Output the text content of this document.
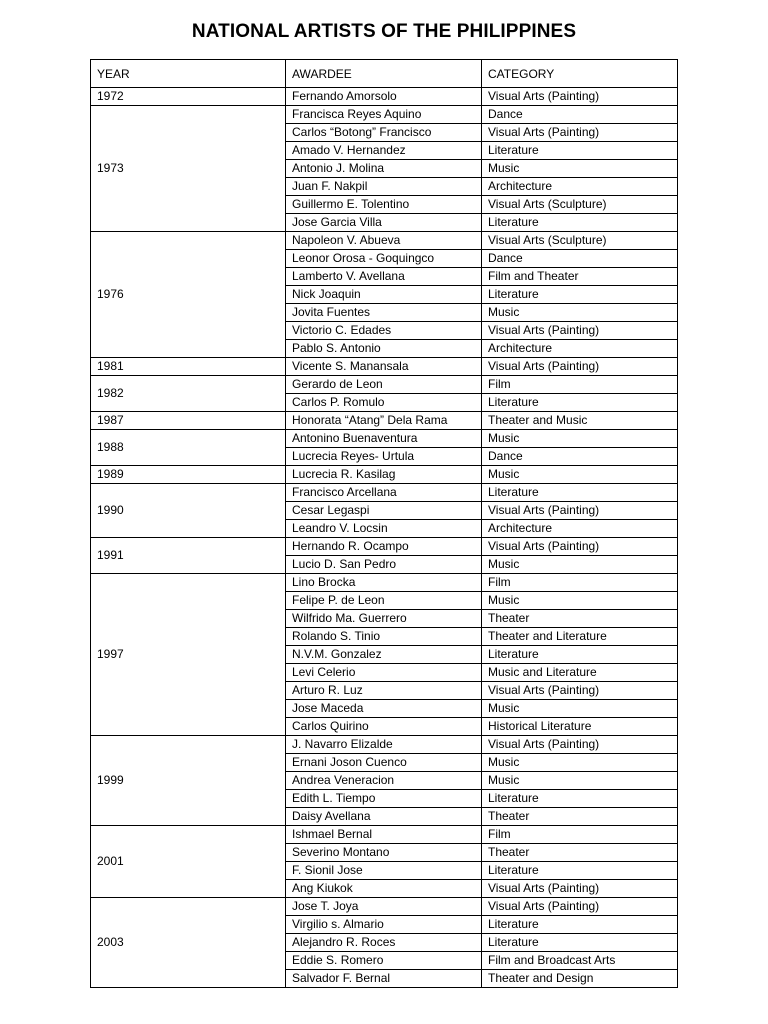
NATIONAL ARTISTS OF THE PHILIPPINES
YEAR	AWARDEE	CATEGORY
1972	Fernando Amorsolo	Visual Arts (Painting)
1973	Francisca Reyes Aquino	Dance
	Carlos “Botong” Francisco	Visual Arts (Painting)
	Amado V. Hernandez	Literature
	Antonio J. Molina	Music
	Juan F. Nakpil	Architecture
	Guillermo E. Tolentino	Visual Arts (Sculpture)
	Jose Garcia Villa	Literature
1976	Napoleon V. Abueva	Visual Arts (Sculpture)
	Leonor Orosa - Goquingco	Dance
	Lamberto V. Avellana	Film and Theater
	Nick Joaquin	Literature
	Jovita Fuentes	Music
	Victorio C. Edades	Visual Arts (Painting)
	Pablo S. Antonio	Architecture
1981	Vicente S. Manansala	Visual Arts (Painting)
1982	Gerardo de Leon	Film
	Carlos P. Romulo	Literature
1987	Honorata “Atang” Dela Rama	Theater and Music
1988	Antonino Buenaventura	Music
	Lucrecia Reyes- Urtula	Dance
1989	Lucrecia R. Kasilag	Music
1990	Francisco Arcellana	Literature
	Cesar Legaspi	Visual Arts (Painting)
	Leandro V. Locsin	Architecture
1991	Hernando R. Ocampo	Visual Arts (Painting)
	Lucio D. San Pedro	Music
1997	Lino Brocka	Film
	Felipe P. de Leon	Music
	Wilfrido Ma. Guerrero	Theater
	Rolando S. Tinio	Theater and Literature
	N.V.M. Gonzalez	Literature
	Levi Celerio	Music and Literature
	Arturo R. Luz	Visual Arts (Painting)
	Jose Maceda	Music
	Carlos Quirino	Historical Literature
1999	J. Navarro Elizalde	Visual Arts (Painting)
	Ernani Joson Cuenco	Music
	Andrea Veneracion	Music
	Edith L. Tiempo	Literature
	Daisy Avellana	Theater
2001	Ishmael Bernal	Film
	Severino Montano	Theater
	F. Sionil Jose	Literature
	Ang Kiukok	Visual Arts (Painting)
2003	Jose T. Joya	Visual Arts (Painting)
	Virgilio s. Almario	Literature
	Alejandro R. Roces	Literature
	Eddie S. Romero	Film and Broadcast Arts
	Salvador F. Bernal	Theater and Design
